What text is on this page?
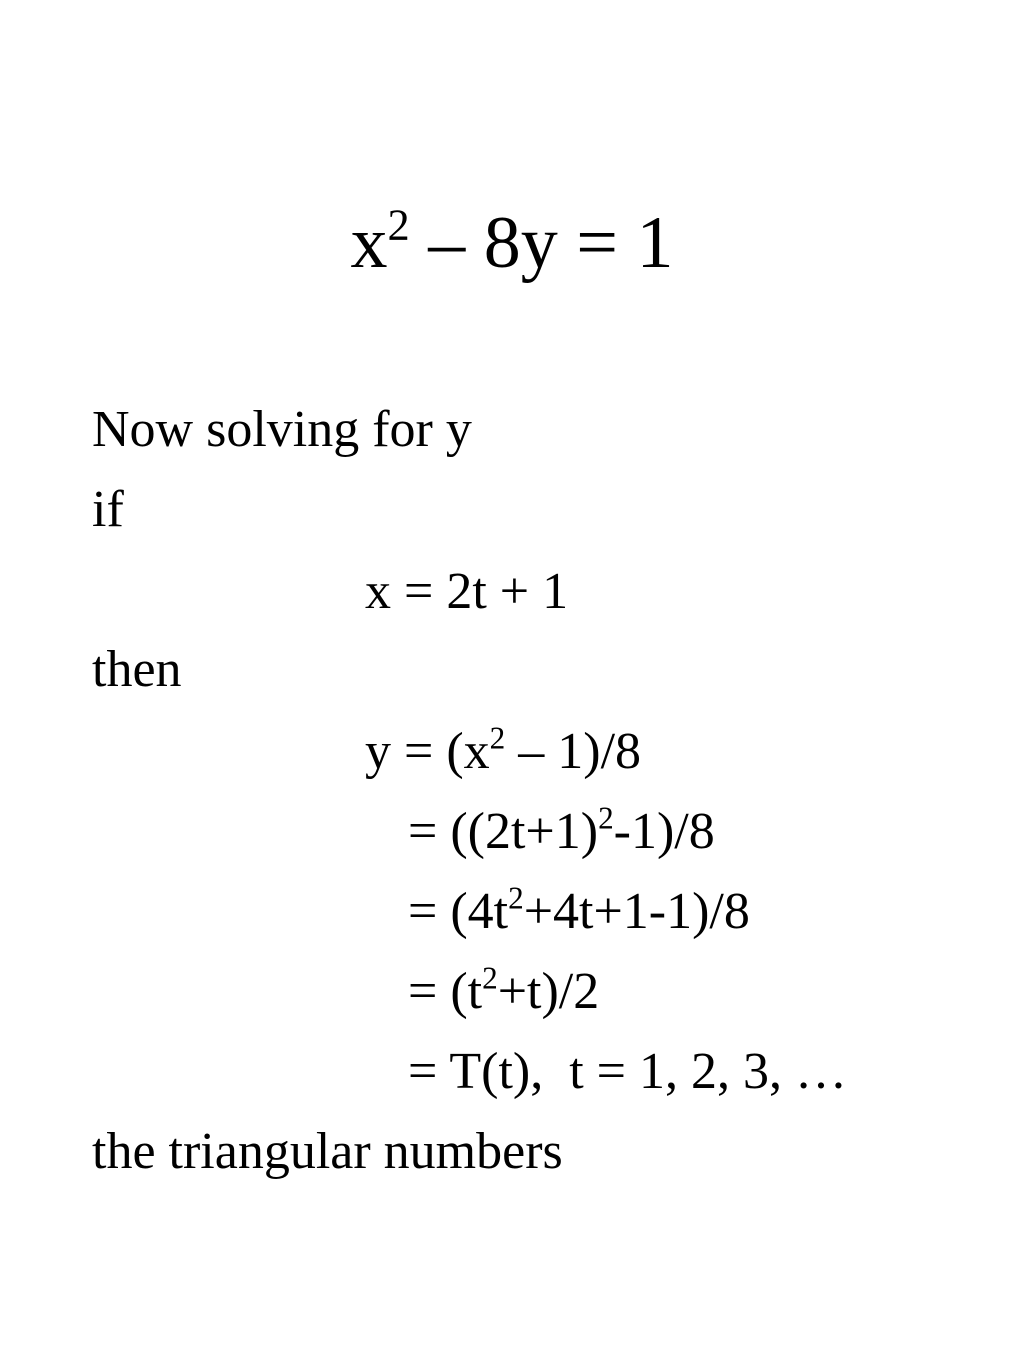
$x^2 - 8y = 1$
Now solving for y
if
x = 2t + 1
then
$y = (x^2 - 1)/8$
= $((2t+1)^2-1)/8$
= $(4t^2+4t+1-1)/8$
= $(t^2+t)/2$
= T(t),  t = 1, 2, 3, …
the triangular numbers
